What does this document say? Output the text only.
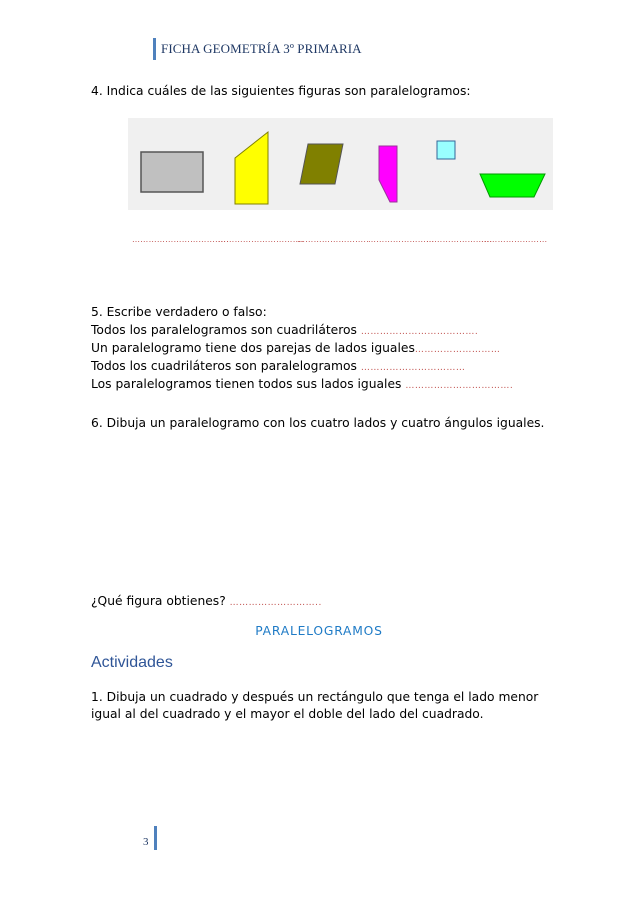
FICHA GEOMETRÍA 3º PRIMARIA
4. Indica cuáles de las siguientes figuras son paralelogramos:
……………………………..
………………………….
……………………..
……………………
……………………
……………………
5. Escribe verdadero o falso:
Todos los paralelogramos son cuadriláteros ……………………………….
Un paralelogramo tiene dos parejas de lados iguales………………………
Todos los cuadriláteros son paralelogramos ……………………………
Los paralelogramos tienen todos sus lados iguales …………………………….
6. Dibuja un paralelogramo con los cuatro lados y cuatro ángulos iguales.
¿Qué figura obtienes? ………………………..
PARALELOGRAMOS
Actividades
1. Dibuja un cuadrado y después un rectángulo que tenga el lado menor
igual al del cuadrado y el mayor el doble del lado del cuadrado.
3
